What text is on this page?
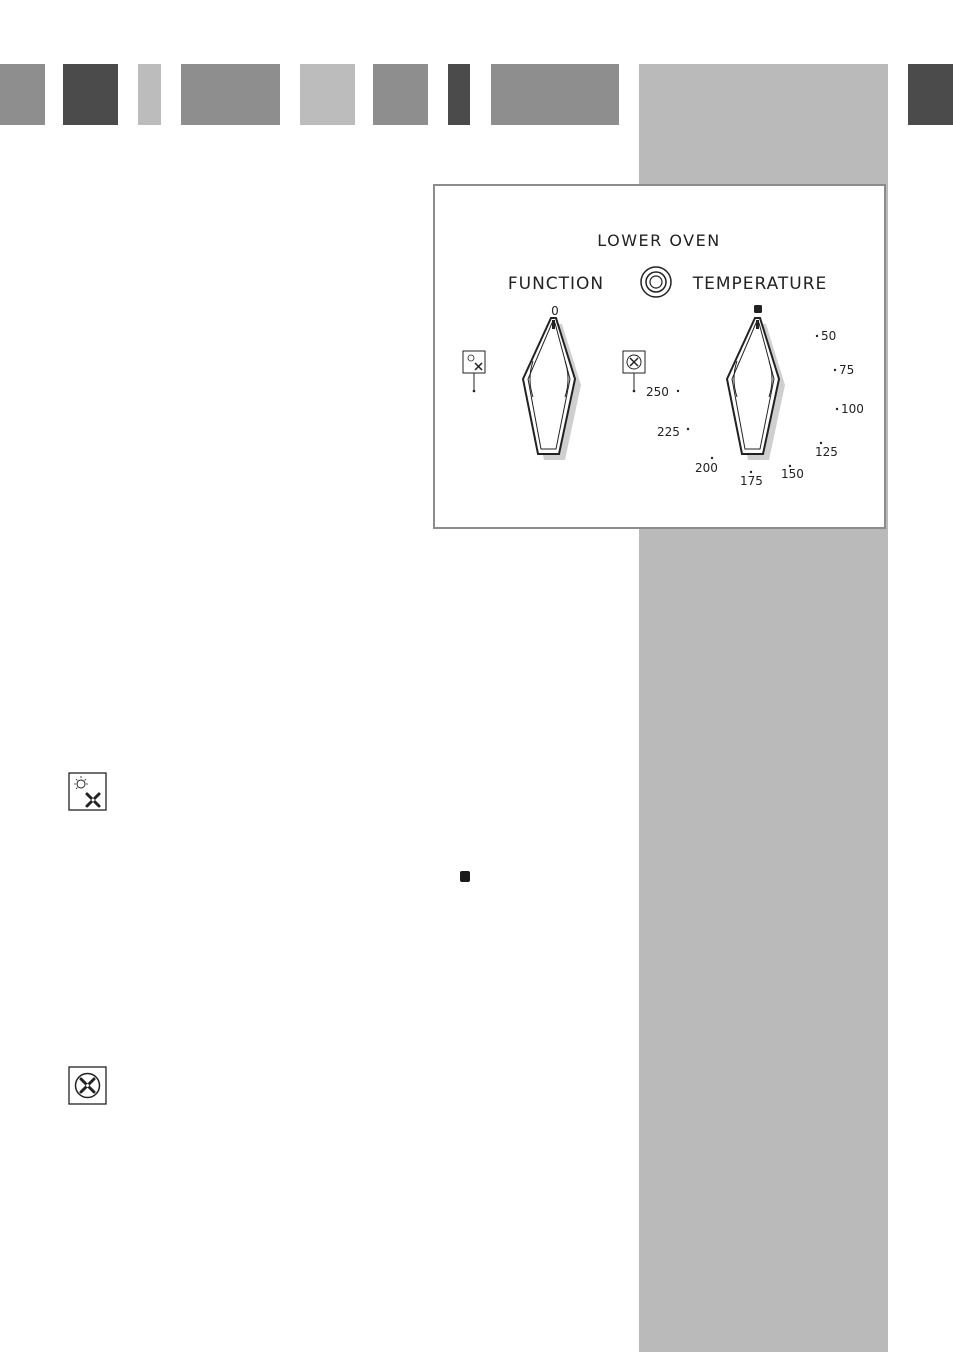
LOWER OVEN
FUNCTION	TEMPERATURE
0
50
75
100
125
150
175
200
225
250
